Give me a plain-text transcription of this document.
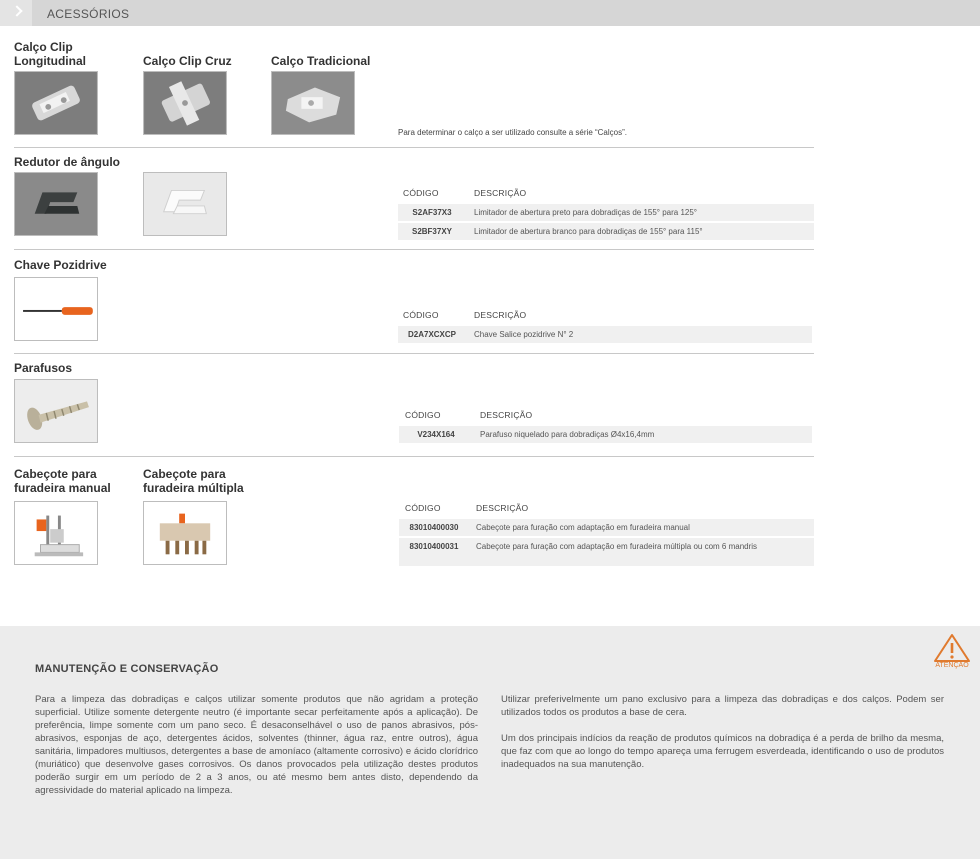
ACESSÓRIOS
Calço Clip
Longitudinal	Calço Clip Cruz	Calço Tradicional
Para determinar o calço a ser utilizado consulte a série “Calços”.
Redutor de ângulo
CÓDIGO	DESCRIÇÃO
S2AF37X3	Limitador de abertura preto para dobradiças de 155° para 125°
S2BF37XY	Limitador de abertura branco para dobradiças de 155° para 115°
Chave Pozidrive
CÓDIGO	DESCRIÇÃO
D2A7XCXCP	Chave Salice pozidrive N° 2
Parafusos
CÓDIGO	DESCRIÇÃO
V234X164	Parafuso niquelado para dobradiças Ø4x16,4mm
Cabeçote para
furadeira manual
Cabeçote para
furadeira múltipla
CÓDIGO	DESCRIÇÃO
83010400030	Cabeçote para furação com adaptação em furadeira manual
83010400031	Cabeçote para furação com adaptação em furadeira múltipla ou com 6 mandris
MANUTENÇÃO E CONSERVAÇÃO	ATENÇÃO

Para a limpeza das dobradiças e calços utilizar somente produtos que não agridam a proteção superficial. Utilize somente detergente neutro (é importante secar perfeitamente após a aplicação). De preferência, limpe somente com um pano seco. É desaconselhável o uso de panos abrasivos, pós-abrasivos, esponjas de aço, detergentes ácidos, solventes (thinner, água raz, entre outros), água sanitária, limpadores multiusos, detergentes a base de amoníaco (altamente corrosivo) e ácido clorídrico (muriático) que desenvolve gases corrosivos. Os danos provocados pela utilização destes produtos poderão surgir em um período de 2 a 3 anos, ou até mesmo bem antes disto, dependendo da agressividade do material aplicado na limpeza.

Utilizar preferivelmente um pano exclusivo para a limpeza das dobradiças e dos calços. Podem ser utilizados todos os produtos a base de cera.

Um dos principais indícios da reação de produtos químicos na dobradiça é a perda de brilho da mesma, que faz com que ao longo do tempo apareça uma ferrugem esverdeada, identificando o uso de produtos inadequados na sua manutenção.
